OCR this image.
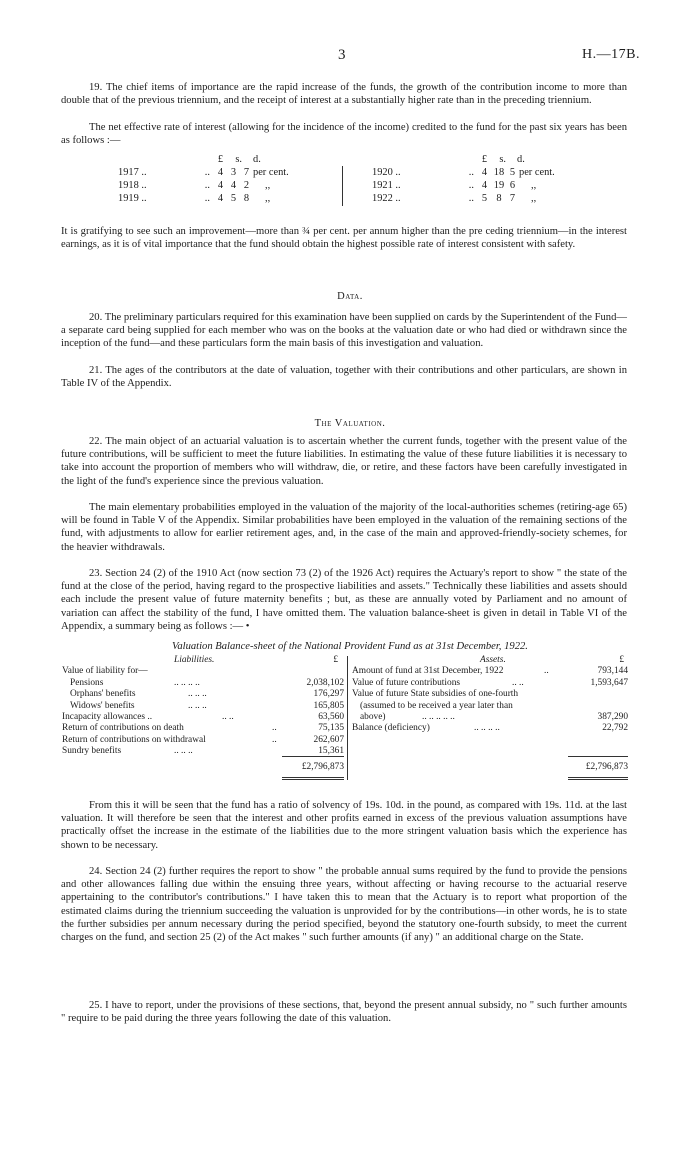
3	H.—17B.

19. The chief items of importance are the rapid increase of the funds, the growth of the contribution income to more than double that of the previous triennium, and the receipt of interest at a substantially higher rate than in the preceding triennium.

The net effective rate of interest (allowing for the incidence of the income) credited to the fund for the past six years has been as follows :—

£ s. d.	£ s. d.
1917 ..	.. 4 3 7 per cent.
1918 ..	.. 4 4 2 ,,
1919 ..	.. 4 5 8 ,,
1920 ..	.. 4 18 5 per cent.
1921 ..	.. 4 19 6 ,,
1922 ..	.. 5 8 7 ,,

It is gratifying to see such an improvement—more than ¾ per cent. per annum higher than the pre ceding triennium—in the interest earnings, as it is of vital importance that the fund should obtain the highest possible rate of interest consistent with safety.

Data.

20. The preliminary particulars required for this examination have been supplied on cards by the Superintendent of the Fund—a separate card being supplied for each member who was on the books at the valuation date or who had died or withdrawn since the inception of the fund—and these particulars form the main basis of this investigation and valuation.

21. The ages of the contributors at the date of valuation, together with their contributions and other particulars, are shown in Table IV of the Appendix.

The Valuation.

22. The main object of an actuarial valuation is to ascertain whether the current funds, together with the present value of the future contributions, will be sufficient to meet the future liabilities. In estimating the value of these future liabilities it is necessary to take into account the proportion of members who will withdraw, die, or retire, and these factors have been carefully investigated in the light of the fund's experience since the previous valuation.

The main elementary probabilities employed in the valuation of the majority of the local-authorities schemes (retiring-age 65) will be found in Table V of the Appendix. Similar probabilities have been employed in the valuation of the remaining sections of the fund, with adjustments to allow for earlier retirement ages, and, in the case of the main and approved-friendly-society schemes, for the heavier withdrawals.

23. Section 24 (2) of the 1910 Act (now section 73 (2) of the 1926 Act) requires the Actuary's report to show " the state of the fund at the close of the period, having regard to the prospective liabilities and assets." Technically these liabilities and assets should each include the present value of future maternity benefits ; but, as these are annually voted by Parliament and no amount of variation can affect the stability of the fund, I have omitted them. The valuation balance-sheet is given in detail in Table VI of the Appendix, a summary being as follows :— •

Valuation Balance-sheet of the National Provident Fund as at 31st December, 1922.
Liabilities.	£
Value of liability for—
Pensions	.. .. .. ..	2,038,102
Orphans' benefits	.. .. ..	176,297
Widows' benefits	.. .. ..	165,805
Incapacity allowances ..	.. ..	63,560
Return of contributions on death	..	75,135
Return of contributions on withdrawal	..	262,607
Sundry benefits	.. .. ..	15,361
£2,796,873
Assets.	£
Amount of fund at 31st December, 1922	..	793,144
Value of future contributions	.. ..	1,593,647
Value of future State subsidies of one-fourth
(assumed to be received a year later than
above)	.. .. .. .. ..	387,290
Balance (deficiency)	.. .. .. ..	22,792
£2,796,873

From this it will be seen that the fund has a ratio of solvency of 19s. 10d. in the pound, as compared with 19s. 11d. at the last valuation. It will therefore be seen that the interest and other profits earned in excess of the previous valuation assumptions have practically offset the increase in the estimate of the liabilities due to the more stringent valuation basis which the experience has shown to be necessary.

24. Section 24 (2) further requires the report to show " the probable annual sums required by the fund to provide the pensions and other allowances falling due within the ensuing three years, without affecting or having recourse to the actuarial reserve appertaining to the contributor's contributions." I have taken this to mean that the Actuary is to report what proportion of the estimated claims during the triennium succeeding the valuation is unprovided for by the contributions—in other words, he is to state the further subsidies per annum necessary during the period specified, beyond the statutory one-fourth subsidy, to meet the current charges on the fund, and section 25 (2) of the Act makes " such further amounts (if any) " an additional charge on the State.

25. I have to report, under the provisions of these sections, that, beyond the present annual subsidy, no " such further amounts " require to be paid during the three years following the date of this valuation.
